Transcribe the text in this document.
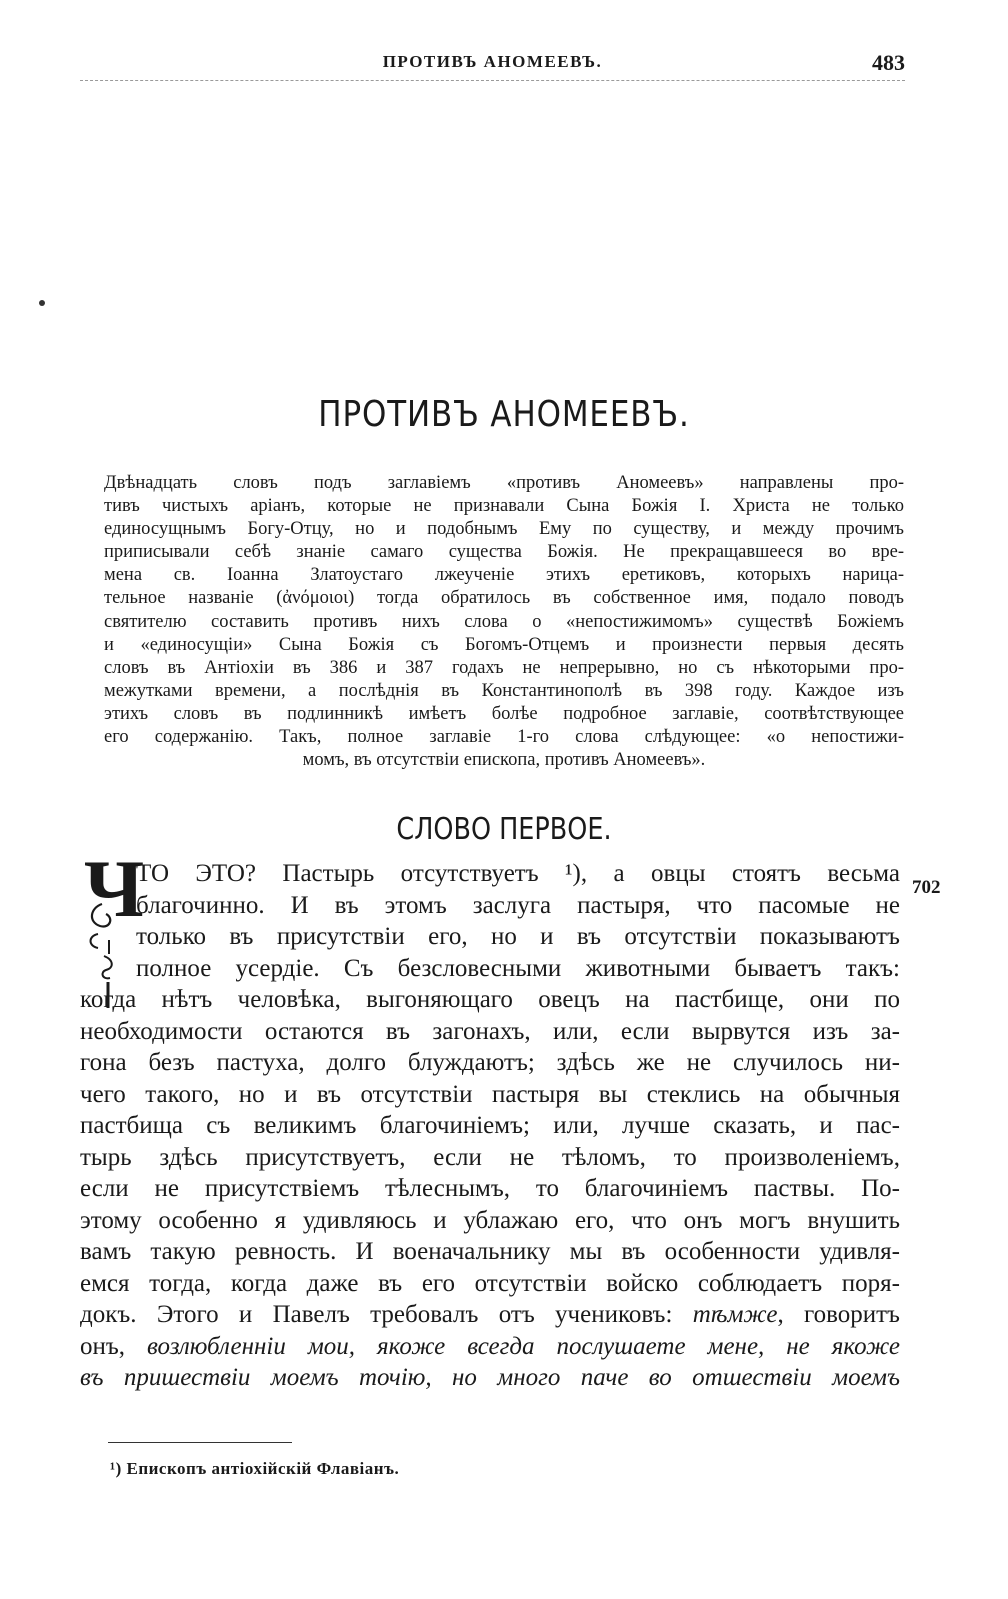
ПРОТИВЪ АНОМЕЕВЪ.	483
ПРОТИВЪ АНОМЕЕВЪ.
Двѣнадцать словъ подъ заглавіемъ «противъ Аномеевъ» направлены про-
тивъ чистыхъ аріанъ, которые не признавали Сына Божія I. Христа не только
единосущнымъ Богу-Отцу, но и подобнымъ Ему по существу, и между прочимъ
приписывали себѣ знаніе самаго существа Божія. Не прекращавшееся во вре-
мена св. Іоанна Златоустаго лжеученіе этихъ еретиковъ, которыхъ нарица-
тельное названіе (ἀνόμοιοι) тогда обратилось въ собственное имя, подало поводъ
святителю составить противъ нихъ слова о «непостижимомъ» существѣ Божіемъ
и «единосущіи» Сына Божія съ Богомъ-Отцемъ и произнести первыя десять
словъ въ Антіохіи въ 386 и 387 годахъ не непрерывно, но съ нѣкоторыми про-
межутками времени, а послѣднія въ Константинополѣ въ 398 году. Каждое изъ
этихъ словъ въ подлинникѣ имѣетъ болѣе подробное заглавіе, соотвѣтствующее
его содержанію. Такъ, полное заглавіе 1-го слова слѣдующее: «о непостижи-
момъ, въ отсутствіи епископа, противъ Аномеевъ».
СЛОВО ПЕРВОЕ.
Ч
ТО ЭТО? Пастырь отсутствуетъ ¹), а овцы стоятъ весьма
благочинно. И въ этомъ заслуга пастыря, что пасомые не
только въ присутствіи его, но и въ отсутствіи показываютъ
полное усердіе. Съ безсловесными животными бываетъ такъ:
когда нѣтъ человѣка, выгоняющаго овецъ на пастбище, они по
необходимости остаются въ загонахъ, или, если вырвутся изъ за-
гона безъ пастуха, долго блуждаютъ; здѣсь же не случилось ни-
чего такого, но и въ отсутствіи пастыря вы стеклись на обычныя
пастбища съ великимъ благочиніемъ; или, лучше сказать, и пас-
тырь здѣсь присутствуетъ, если не тѣломъ, то произволеніемъ,
если не присутствіемъ тѣлеснымъ, то благочиніемъ паствы. По-
этому особенно я удивляюсь и ублажаю его, что онъ могъ внушить
вамъ такую ревность. И военачальнику мы въ особенности удивля-
емся тогда, когда даже въ его отсутствіи войско соблюдаетъ поря-
докъ. Этого и Павелъ требовалъ отъ учениковъ: тѣмже, говоритъ
онъ, возлюбленніи мои, якоже всегда послушаете мене, не якоже
въ пришествіи моемъ точію, но много паче во отшествіи моемъ
702
¹) Епископъ антіохійскій Флавіанъ.
